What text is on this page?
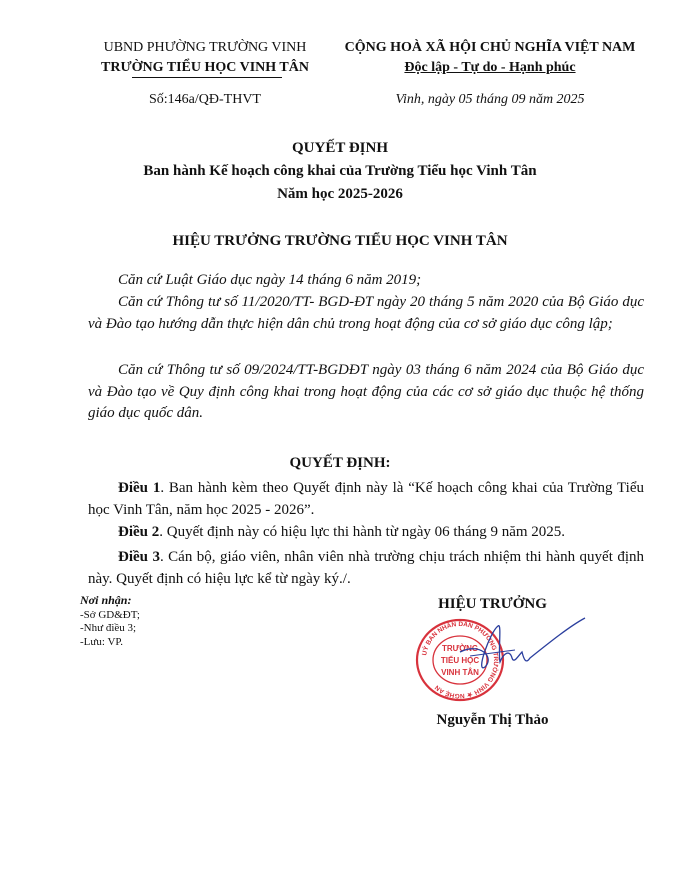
UBND PHƯỜNG TRƯỜNG VINH
TRƯỜNG TIỂU HỌC VINH TÂN
Số:146a/QĐ-THVT
CỘNG HOÀ XÃ HỘI CHỦ NGHĨA VIỆT NAM
Độc lập - Tự do - Hạnh phúc
Vinh, ngày 05 tháng 09 năm 2025
QUYẾT ĐỊNH
Ban hành Kế hoạch công khai của Trường Tiểu học Vinh Tân
Năm học 2025-2026
HIỆU TRƯỞNG TRƯỜNG TIỂU HỌC VINH TÂN
Căn cứ Luật Giáo dục ngày 14 tháng 6 năm 2019;
Căn cứ Thông tư số 11/2020/TT- BGD-ĐT ngày 20 tháng 5 năm 2020 của Bộ Giáo dục và Đào tạo hướng dẫn thực hiện dân chủ trong hoạt động của cơ sở giáo dục công lập;
Căn cứ Thông tư số 09/2024/TT-BGDĐT ngày 03 tháng 6 năm 2024 của Bộ Giáo dục và Đào tạo về Quy định công khai trong hoạt động của các cơ sở giáo dục thuộc hệ thống giáo dục quốc dân.
QUYẾT ĐỊNH:
Điều 1. Ban hành kèm theo Quyết định này là “Kế hoạch công khai của Trường Tiểu học Vinh Tân, năm học 2025 - 2026”.
Điều 2. Quyết định này có hiệu lực thi hành từ ngày 06 tháng 9 năm 2025.
Điều 3. Cán bộ, giáo viên, nhân viên nhà trường chịu trách nhiệm thi hành quyết định này. Quyết định có hiệu lực kể từ ngày ký./.
Nơi nhận:
-Sở GD&ĐT;
-Như điều 3;
-Lưu: VP.
HIỆU TRƯỞNG
UỶ BAN NHÂN DÂN PHƯỜNG TRƯỜNG VINH ★ NGHỆ AN
TRƯỜNG
TIỂU HỌC
VINH TÂN
Nguyễn Thị Thảo
